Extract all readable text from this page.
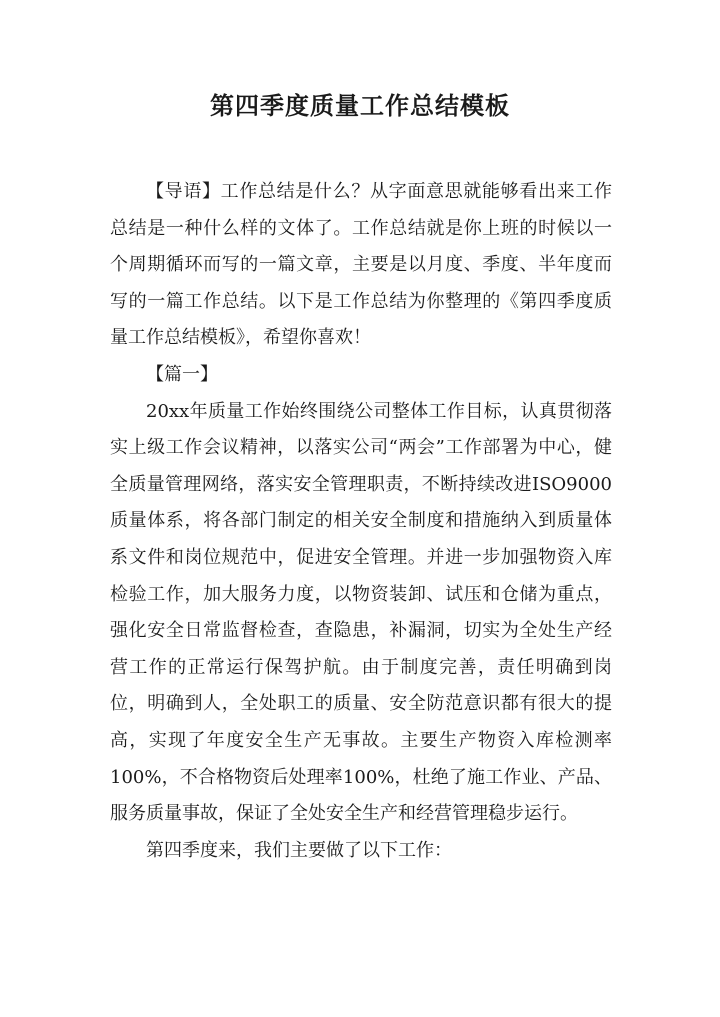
第四季度质量工作总结模板

【导语】工作总结是什么？从字面意思就能够看出来工作总结是一种什么样的文体了。工作总结就是你上班的时候以一个周期循环而写的一篇文章，主要是以月度、季度、半年度而写的一篇工作总结。以下是工作总结为你整理的《第四季度质量工作总结模板》，希望你喜欢！

【篇一】

20xx年质量工作始终围绕公司整体工作目标，认真贯彻落实上级工作会议精神，以落实公司“两会”工作部署为中心，健全质量管理网络，落实安全管理职责，不断持续改进ISO9000质量体系，将各部门制定的相关安全制度和措施纳入到质量体系文件和岗位规范中，促进安全管理。并进一步加强物资入库检验工作，加大服务力度，以物资装卸、试压和仓储为重点，强化安全日常监督检查，查隐患，补漏洞，切实为全处生产经营工作的正常运行保驾护航。由于制度完善，责任明确到岗位，明确到人，全处职工的质量、安全防范意识都有很大的提高，实现了年度安全生产无事故。主要生产物资入库检测率100%，不合格物资后处理率100%，杜绝了施工作业、产品、服务质量事故，保证了全处安全生产和经营管理稳步运行。

第四季度来，我们主要做了以下工作：
